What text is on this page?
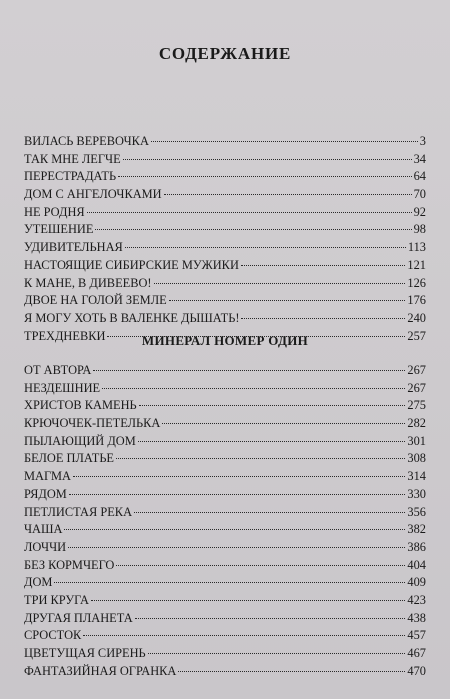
СОДЕРЖАНИЕ
ВИЛАСЬ ВЕРЕВОЧКА	3
ТАК МНЕ ЛЕГЧЕ	34
ПЕРЕСТРАДАТЬ	64
ДОМ С АНГЕЛОЧКАМИ	70
НЕ РОДНЯ	92
УТЕШЕНИЕ	98
УДИВИТЕЛЬНАЯ	113
НАСТОЯЩИЕ СИБИРСКИЕ МУЖИКИ	121
К МАНЕ, В ДИВЕЕВО!	126
ДВОЕ НА ГОЛОЙ ЗЕМЛЕ	176
Я МОГУ ХОТЬ В ВАЛЕНКЕ ДЫШАТЬ!	240
ТРЕХДНЕВКИ	257
МИНЕРАЛ НОМЕР ОДИН
ОТ АВТОРА	267
НЕЗДЕШНИЕ	267
ХРИСТОВ КАМЕНЬ	275
КРЮЧОЧЕК-ПЕТЕЛЬКА	282
ПЫЛАЮЩИЙ ДОМ	301
БЕЛОЕ ПЛАТЬЕ	308
МАГМА	314
РЯДОМ	330
ПЕТЛИСТАЯ РЕКА	356
ЧАША	382
ЛОЧЧИ	386
БЕЗ КОРМЧЕГО	404
ДОМ	409
ТРИ КРУГА	423
ДРУГАЯ ПЛАНЕТА	438
СРОСТОК	457
ЦВЕТУЩАЯ СИРЕНЬ	467
ФАНТАЗИЙНАЯ ОГРАНКА	470
